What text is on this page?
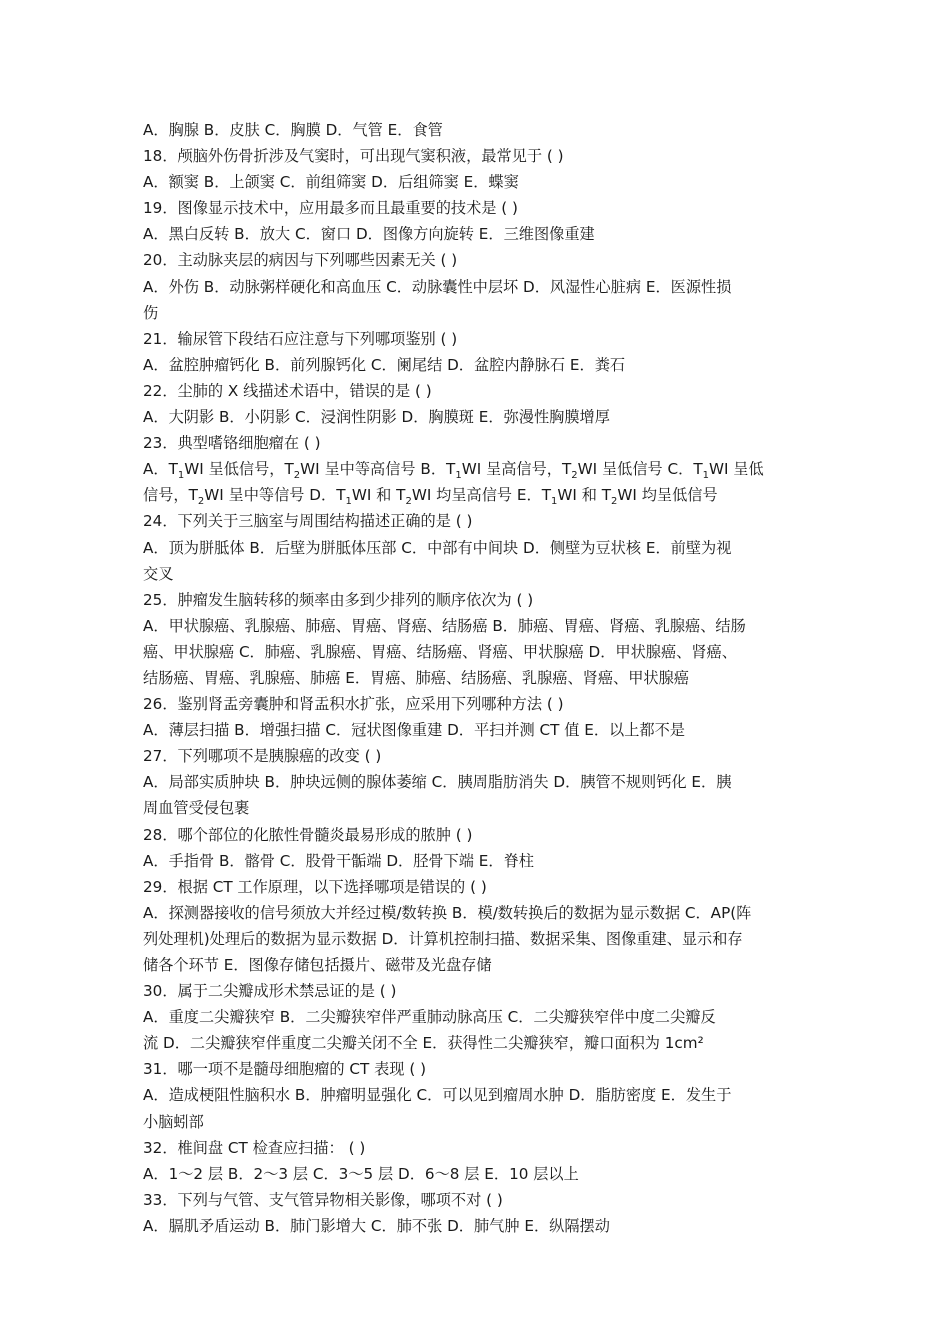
A．胸腺 B．皮肤 C．胸膜 D．气管 E．食管
18．颅脑外伤骨折涉及气窦时，可出现气窦积液，最常见于 ( )
A．额窦 B．上颌窦 C．前组筛窦 D．后组筛窦 E．蝶窦
19．图像显示技术中，应用最多而且最重要的技术是 ( )
A．黑白反转 B．放大 C．窗口 D．图像方向旋转 E．三维图像重建
20．主动脉夹层的病因与下列哪些因素无关 ( )
A．外伤 B．动脉粥样硬化和高血压 C．动脉囊性中层坏 D．风湿性心脏病 E．医源性损
伤
21．输尿管下段结石应注意与下列哪项鉴别 ( )
A．盆腔肿瘤钙化 B．前列腺钙化 C．阑尾结 D．盆腔内静脉石 E．粪石
22．尘肺的 X 线描述术语中，错误的是 ( )
A．大阴影 B．小阴影 C．浸润性阴影 D．胸膜斑 E．弥漫性胸膜增厚
23．典型嗜铬细胞瘤在 ( )
A．$T_1WI$ 呈低信号，$T_2WI$ 呈中等高信号 B．$T_1WI$ 呈高信号，$T_2WI$ 呈低信号 C．$T_1WI$ 呈低
信号，$T_2WI$ 呈中等信号 D．$T_1WI$ 和 $T_2WI$ 均呈高信号 E．$T_1WI$ 和 $T_2WI$ 均呈低信号
24．下列关于三脑室与周围结构描述正确的是 ( )
A．顶为胼胝体 B．后壁为胼胝体压部 C．中部有中间块 D．侧壁为豆状核 E．前壁为视
交叉
25．肿瘤发生脑转移的频率由多到少排列的顺序依次为 ( )
A．甲状腺癌、乳腺癌、肺癌、胃癌、肾癌、结肠癌 B．肺癌、胃癌、肾癌、乳腺癌、结肠
癌、甲状腺癌 C．肺癌、乳腺癌、胃癌、结肠癌、肾癌、甲状腺癌 D．甲状腺癌、肾癌、
结肠癌、胃癌、乳腺癌、肺癌 E．胃癌、肺癌、结肠癌、乳腺癌、肾癌、甲状腺癌
26．鉴别肾盂旁囊肿和肾盂积水扩张，应采用下列哪种方法 ( )
A．薄层扫描 B．增强扫描 C．冠状图像重建 D．平扫并测 CT 值 E．以上都不是
27．下列哪项不是胰腺癌的改变 ( )
A．局部实质肿块 B．肿块远侧的腺体萎缩 C．胰周脂肪消失 D．胰管不规则钙化 E．胰
周血管受侵包裹
28．哪个部位的化脓性骨髓炎最易形成的脓肿 ( )
A．手指骨 B．髂骨 C．股骨干骺端 D．胫骨下端 E．脊柱
29．根据 CT 工作原理，以下选择哪项是错误的 ( )
A．探测器接收的信号须放大并经过模/数转换 B．模/数转换后的数据为显示数据 C．AP(阵
列处理机)处理后的数据为显示数据 D．计算机控制扫描、数据采集、图像重建、显示和存
储各个环节 E．图像存储包括摄片、磁带及光盘存储
30．属于二尖瓣成形术禁忌证的是 ( )
A．重度二尖瓣狭窄 B．二尖瓣狭窄伴严重肺动脉高压 C．二尖瓣狭窄伴中度二尖瓣反
流 D．二尖瓣狭窄伴重度二尖瓣关闭不全 E．获得性二尖瓣狭窄，瓣口面积为 1cm²
31．哪一项不是髓母细胞瘤的 CT 表现 ( )
A．造成梗阻性脑积水 B．肿瘤明显强化 C．可以见到瘤周水肿 D．脂肪密度 E．发生于
小脑蚓部
32．椎间盘 CT 检查应扫描： ( )
A．1～2 层 B．2～3 层 C．3～5 层 D．6～8 层 E．10 层以上
33．下列与气管、支气管异物相关影像，哪项不对 ( )
A．膈肌矛盾运动 B．肺门影增大 C．肺不张 D．肺气肿 E．纵隔摆动
